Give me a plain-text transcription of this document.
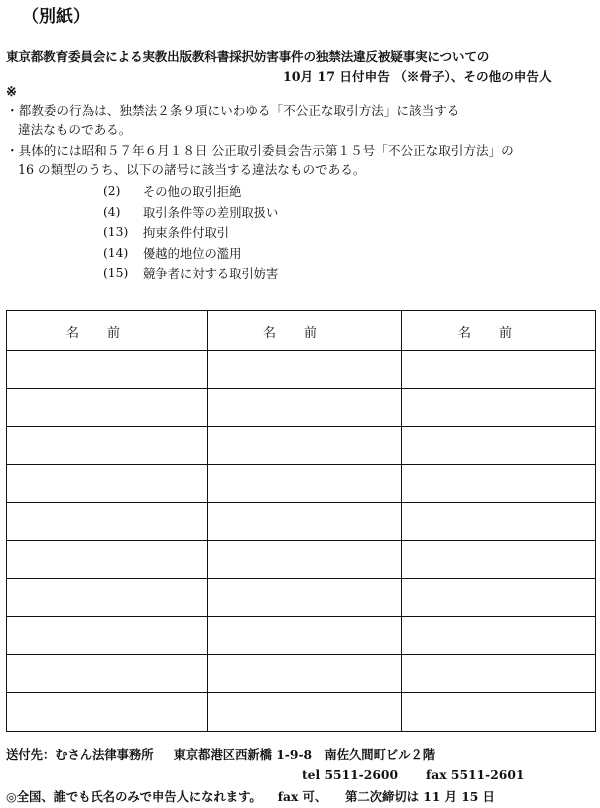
（別紙）
東京都教育委員会による実教出版教科書採択妨害事件の独禁法違反被疑事実についての
10月 17 日付申告 （※骨子）、その他の申告人
※
・都教委の行為は、独禁法２条９項にいわゆる「不公正な取引方法」に該当する
違法なものである。
・具体的には昭和５７年６月１８日 公正取引委員会告示第１５号「不公正な取引方法」の
16 の類型のうち、以下の諸号に該当する違法なものである。
(2)	その他の取引拒絶
(4)	取引条件等の差別取扱い
(13)	拘束条件付取引
(14)	優越的地位の濫用
(15)	競争者に対する取引妨害
名前	名前	名前
送付先：むさん法律事務所 東京都港区西新橋 1-9-8　南佐久間町ビル２階
tel 5511-2600 fax 5511-2601
◎全国、誰でも氏名のみで申告人になれます。 fax 可、 第二次締切は 11 月 15 日
